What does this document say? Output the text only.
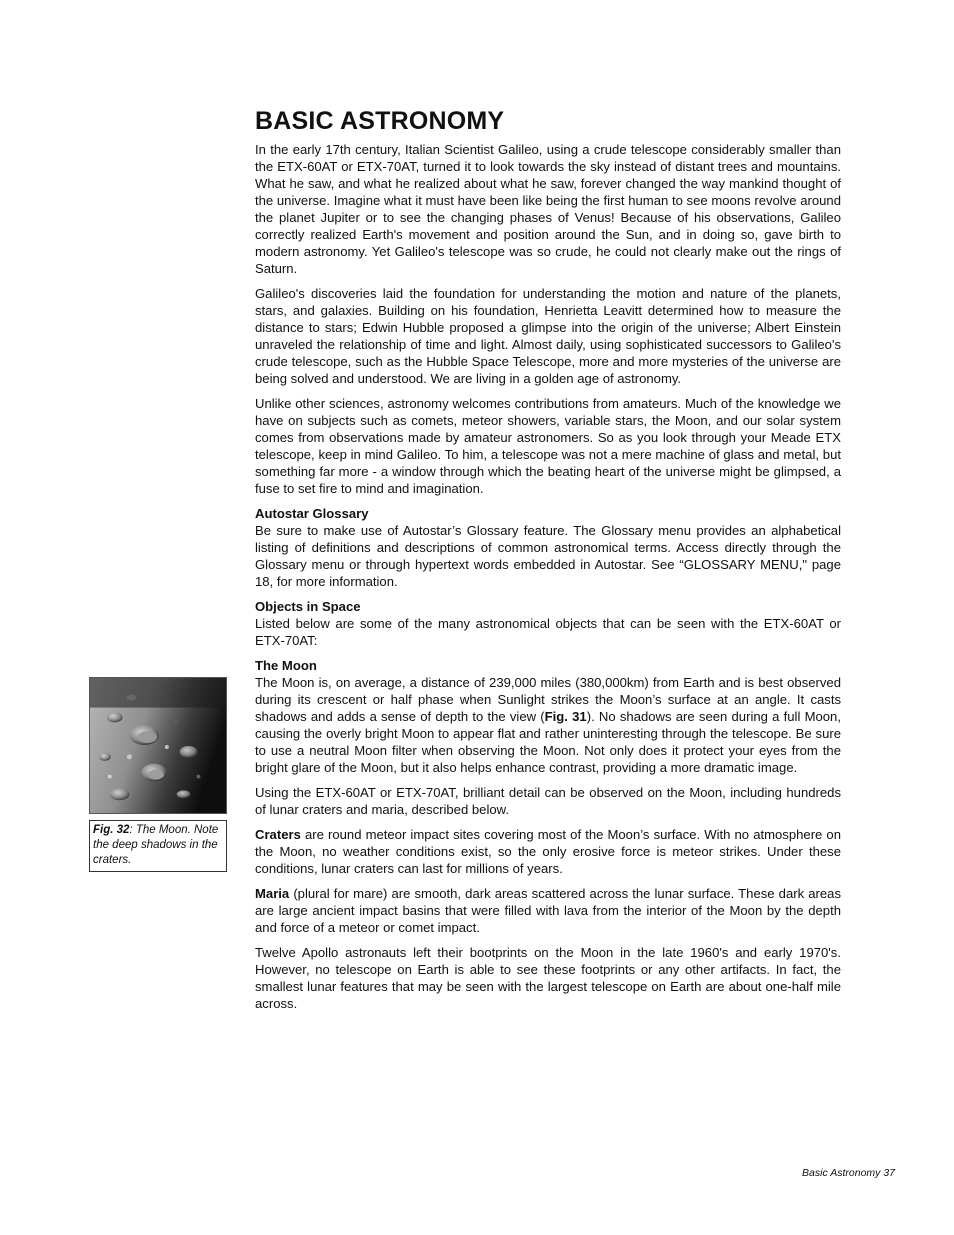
BASIC ASTRONOMY

In the early 17th century, Italian Scientist Galileo, using a crude telescope considerably smaller than the ETX-60AT or ETX-70AT, turned it to look towards the sky instead of distant trees and mountains. What he saw, and what he realized about what he saw, forever changed the way mankind thought of the universe. Imagine what it must have been like being the first human to see moons revolve around the planet Jupiter or to see the changing phases of Venus! Because of his observations, Galileo correctly realized Earth's movement and position around the Sun, and in doing so, gave birth to modern astronomy. Yet Galileo's telescope was so crude, he could not clearly make out the rings of Saturn.

Galileo's discoveries laid the foundation for understanding the motion and nature of the planets, stars, and galaxies. Building on his foundation, Henrietta Leavitt determined how to measure the distance to stars; Edwin Hubble proposed a glimpse into the origin of the universe; Albert Einstein unraveled the relationship of time and light. Almost daily, using sophisticated successors to Galileo's crude telescope, such as the Hubble Space Telescope, more and more mysteries of the universe are being solved and understood. We are living in a golden age of astronomy.

Unlike other sciences, astronomy welcomes contributions from amateurs. Much of the knowledge we have on subjects such as comets, meteor showers, variable stars, the Moon, and our solar system comes from observations made by amateur astronomers. So as you look through your Meade ETX telescope, keep in mind Galileo. To him, a telescope was not a mere machine of glass and metal, but something far more - a window through which the beating heart of the universe might be glimpsed, a fuse to set fire to mind and imagination.

Autostar Glossary
Be sure to make use of Autostar’s Glossary feature. The Glossary menu provides an alphabetical listing of definitions and descriptions of common astronomical terms. Access directly through the Glossary menu or through hypertext words embedded in Autostar. See “GLOSSARY MENU," page 18, for more information.

Objects in Space
Listed below are some of the many astronomical objects that can be seen with the ETX-60AT or ETX-70AT:

The Moon
The Moon is, on average, a distance of 239,000 miles (380,000km) from Earth and is best observed during its crescent or half phase when Sunlight strikes the Moon’s surface at an angle. It casts shadows and adds a sense of depth to the view (Fig. 31). No shadows are seen during a full Moon, causing the overly bright Moon to appear flat and rather uninteresting through the telescope. Be sure to use a neutral Moon filter when observing the Moon. Not only does it protect your eyes from the bright glare of the Moon, but it also helps enhance contrast, providing a more dramatic image.

Using the ETX-60AT or ETX-70AT, brilliant detail can be observed on the Moon, including hundreds of lunar craters and maria, described below.

Craters are round meteor impact sites covering most of the Moon’s surface. With no atmosphere on the Moon, no weather conditions exist, so the only erosive force is meteor strikes. Under these conditions, lunar craters can last for millions of years.

Maria (plural for mare) are smooth, dark areas scattered across the lunar surface. These dark areas are large ancient impact basins that were filled with lava from the interior of the Moon by the depth and force of a meteor or comet impact.

Twelve Apollo astronauts left their bootprints on the Moon in the late 1960's and early 1970's. However, no telescope on Earth is able to see these footprints or any other artifacts. In fact, the smallest lunar features that may be seen with the largest telescope on Earth are about one-half mile across.

Fig. 32: The Moon. Note the deep shadows in the craters.
Basic Astronomy 37
